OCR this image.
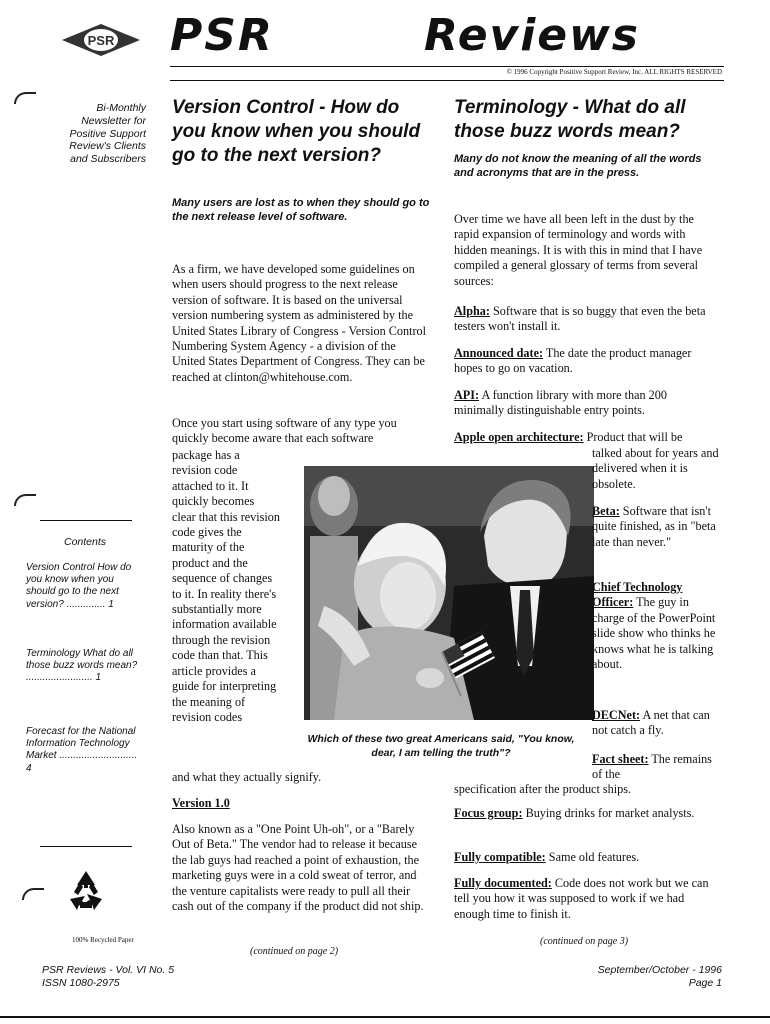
PSR PSR	Reviews
© 1996 Copyright Positive Support Review, Inc. ALL RIGHTS RESERVED
Bi-Monthly Newsletter for Positive Support Review's Clients and Subscribers
Contents
Version Control How do you know when you should go to the next version? .............. 1
Terminology What do all those buzz words mean? ........................ 1
Forecast for the National Information Technology Market ............................ 4
100% Recycled Paper
Version Control - How do you know when you should go to the next version?
Many users are lost as to when they should go to the next release level of software.
As a firm, we have developed some guidelines on when users should progress to the next release version of software. It is based on the universal version numbering system as administered by the United States Library of Congress - Version Control Numbering System Agency - a division of the United States Department of Congress. They can be reached at clinton@whitehouse.com.
Once you start using software of any type you quickly become aware that each software
package has a revision code attached to it. It quickly becomes clear that this revision code gives the maturity of the product and the sequence of changes to it. In reality there's substantially more information available through the revision code than that. This article provides a guide for interpreting the meaning of revision codes
and what they actually signify.
Version 1.0
Also known as a "One Point Uh-oh", or a "Barely Out of Beta." The vendor had to release it because the lab guys had reached a point of exhaustion, the marketing guys were in a cold sweat of terror, and the venture capitalists were ready to pull all their cash out of the company if the product did not ship.
(continued on page 2)
Which of these two great Americans said, "You know, dear, I am telling the truth"?
Terminology - What do all those buzz words mean?
Many do not know the meaning of all the words and acronyms that are in the press.
Over time we have all been left in the dust by the rapid expansion of terminology and words with hidden meanings. It is with this in mind that I have compiled a general glossary of terms from several sources:
Alpha: Software that is so buggy that even the beta testers won't install it.
Announced date: The date the product manager hopes to go on vacation.
API: A function library with more than 200 minimally distinguishable entry points.
Apple open architecture: Product that will be
talked about for years and delivered when it is obsolete.
Beta: Software that isn't quite finished, as in "beta late than never."
Chief Technology Officer: The guy in charge of the PowerPoint slide show who thinks he knows what he is talking about.
DECNet: A net that can not catch a fly.
Fact sheet: The remains of the
specification after the product ships.
Focus group: Buying drinks for market analysts.
Fully compatible: Same old features.
Fully documented: Code does not work but we can tell you how it was supposed to work if we had enough time to finish it.
(continued on page 3)
PSR Reviews - Vol. VI No. 5
ISSN 1080-2975
September/October - 1996
Page 1
